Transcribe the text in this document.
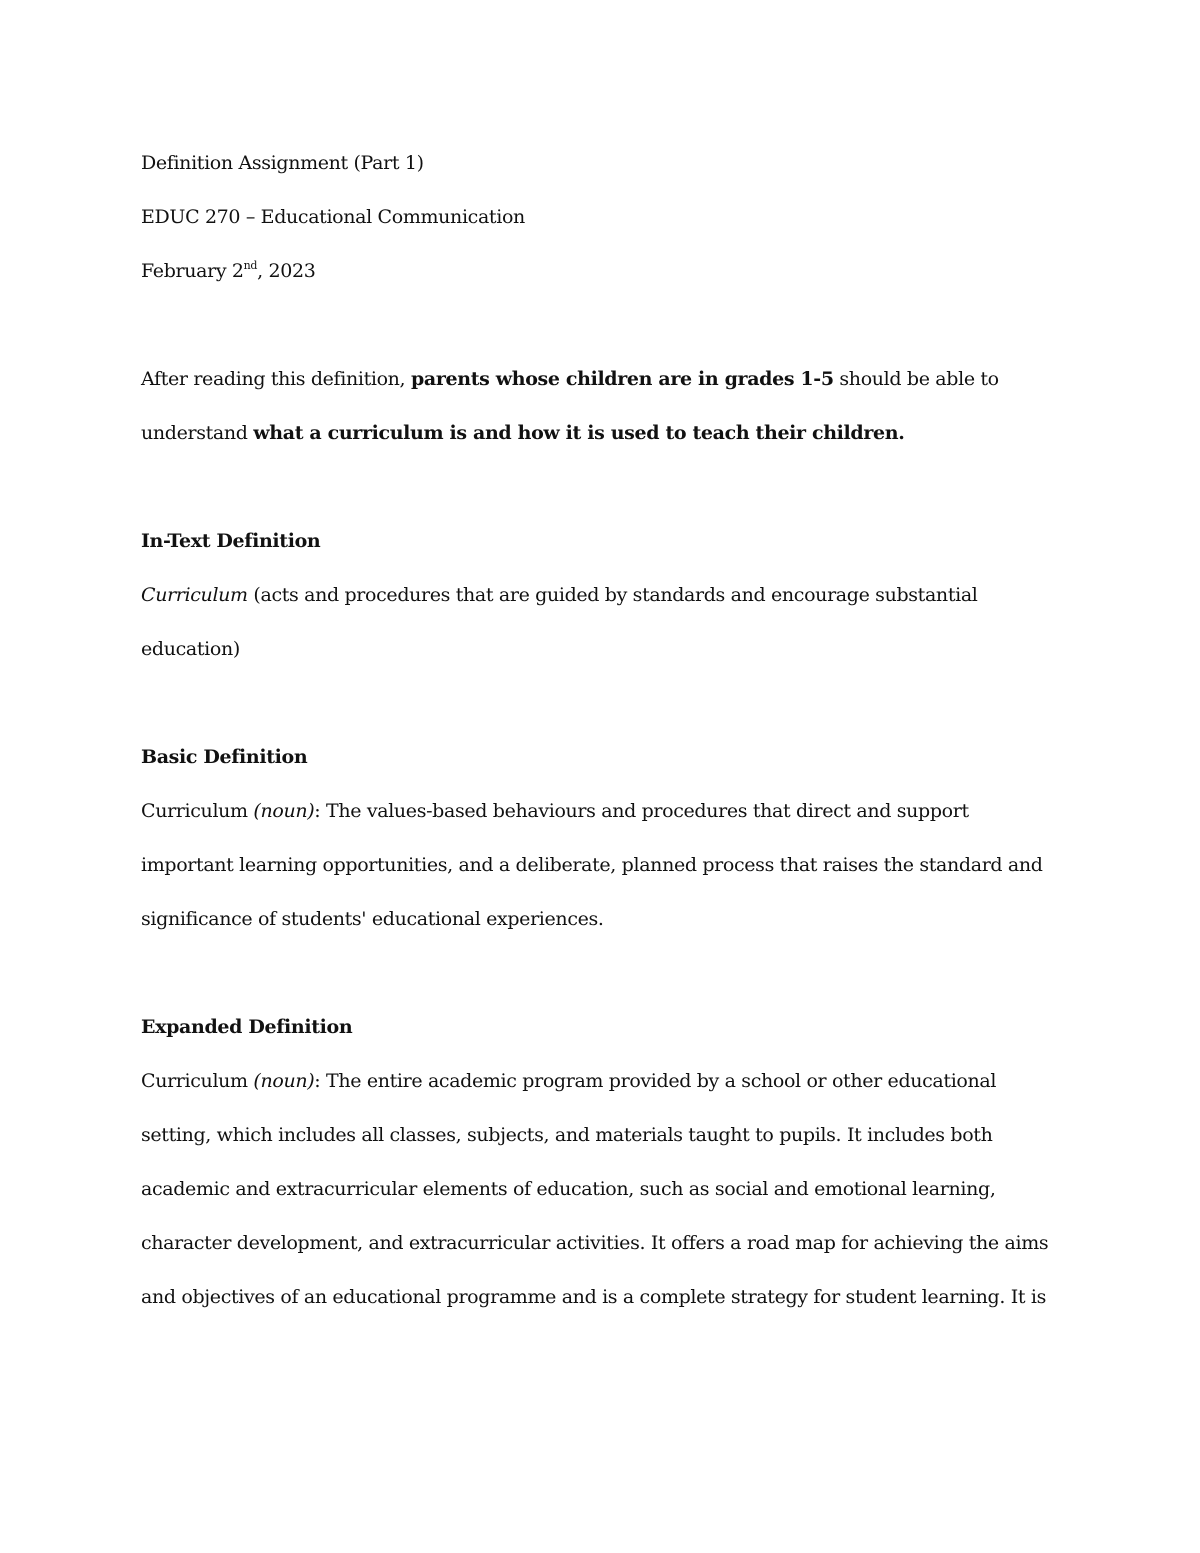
Definition Assignment (Part 1)
EDUC 270 – Educational Communication
February 2nd, 2023
After reading this definition, parents whose children are in grades 1-5 should be able to
understand what a curriculum is and how it is used to teach their children.
In-Text Definition
Curriculum (acts and procedures that are guided by standards and encourage substantial
education)
Basic Definition
Curriculum (noun): The values-based behaviours and procedures that direct and support
important learning opportunities, and a deliberate, planned process that raises the standard and
significance of students' educational experiences.
Expanded Definition
Curriculum (noun): The entire academic program provided by a school or other educational
setting, which includes all classes, subjects, and materials taught to pupils. It includes both
academic and extracurricular elements of education, such as social and emotional learning,
character development, and extracurricular activities. It offers a road map for achieving the aims
and objectives of an educational programme and is a complete strategy for student learning. It is
